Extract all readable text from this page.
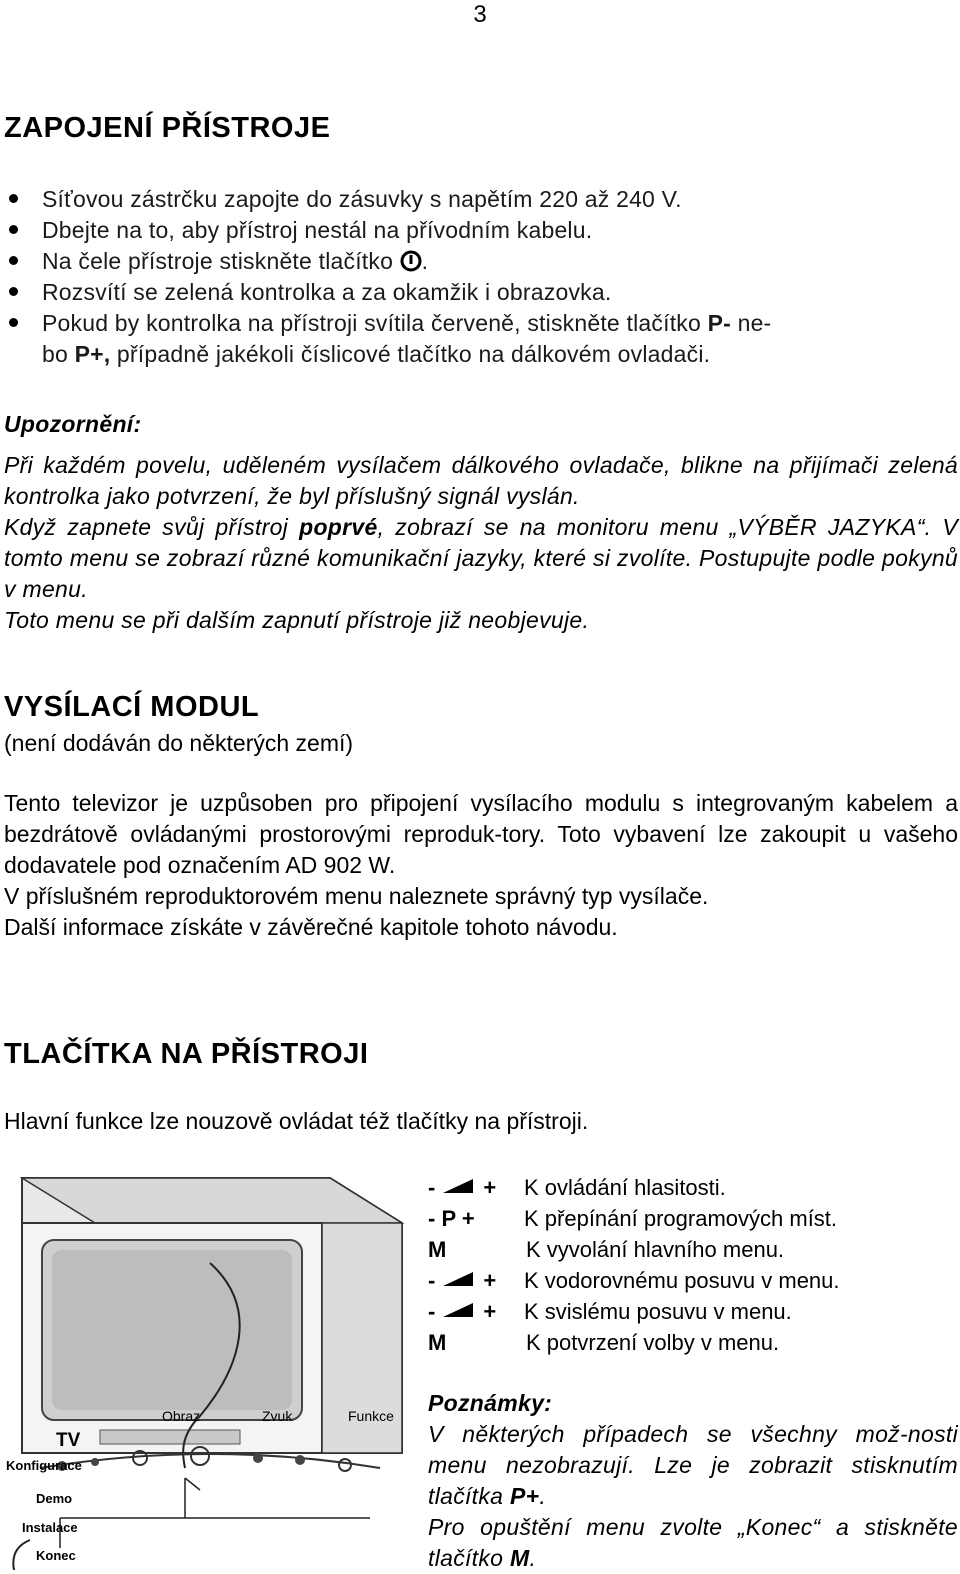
3
ZAPOJENÍ PŘÍSTROJE
Síťovou zástrčku zapojte do zásuvky s napětím 220 až 240 V.
Dbejte na to, aby přístroj nestál na přívodním kabelu.
Na čele přístroje stiskněte tlačítko .
Rozsvítí se zelená kontrolka a za okamžik i obrazovka.
Pokud by kontrolka na přístroji svítila červeně, stiskněte tlačítko P- ne-
bo P+, případně jakékoli číslicové tlačítko na dálkovém ovladači.
Upozornění:
Při každém povelu, uděleném vysílačem dálkového ovladače, blikne na přijímači zelená kontrolka jako potvrzení, že byl příslušný signál vyslán.
Když zapnete svůj přístroj poprvé, zobrazí se na monitoru menu „VÝBĚR JAZYKA“. V tomto menu se zobrazí různé komunikační jazyky, které si zvolíte. Postupujte podle pokynů v menu.
Toto menu se při dalším zapnutí přístroje již neobjevuje.
VYSÍLACÍ MODUL
(není dodáván do některých zemí)
Tento televizor je uzpůsoben pro připojení vysílacího modulu s integrovaným kabelem a bezdrátově ovládanými prostorovými reproduk-tory. Toto vybavení lze zakoupit u vašeho dodavatele pod označením AD 902 W.
V příslušném reproduktorovém menu naleznete správný typ vysílače.
Další informace získáte v závěrečné kapitole tohoto návodu.
TLAČÍTKA NA PŘÍSTROJI
Hlavní funkce lze nouzově ovládat též tlačítky na přístroji.
Obraz	Zvuk	Funkce
TV
Konfigurace
Demo
Instalace
Konec
- +	K ovládání hlasitosti.
- P +	K přepínání programových míst.
M	K vyvolání hlavního menu.
- +	K vodorovnému posuvu v menu.
- +	K svislému posuvu v menu.
M	K potvrzení volby v menu.
Poznámky:
V některých případech se všechny mož-nosti menu nezobrazují. Lze je zobrazit stisknutím tlačítka P+.
Pro opuštění menu zvolte „Konec“ a stiskněte tlačítko M.
